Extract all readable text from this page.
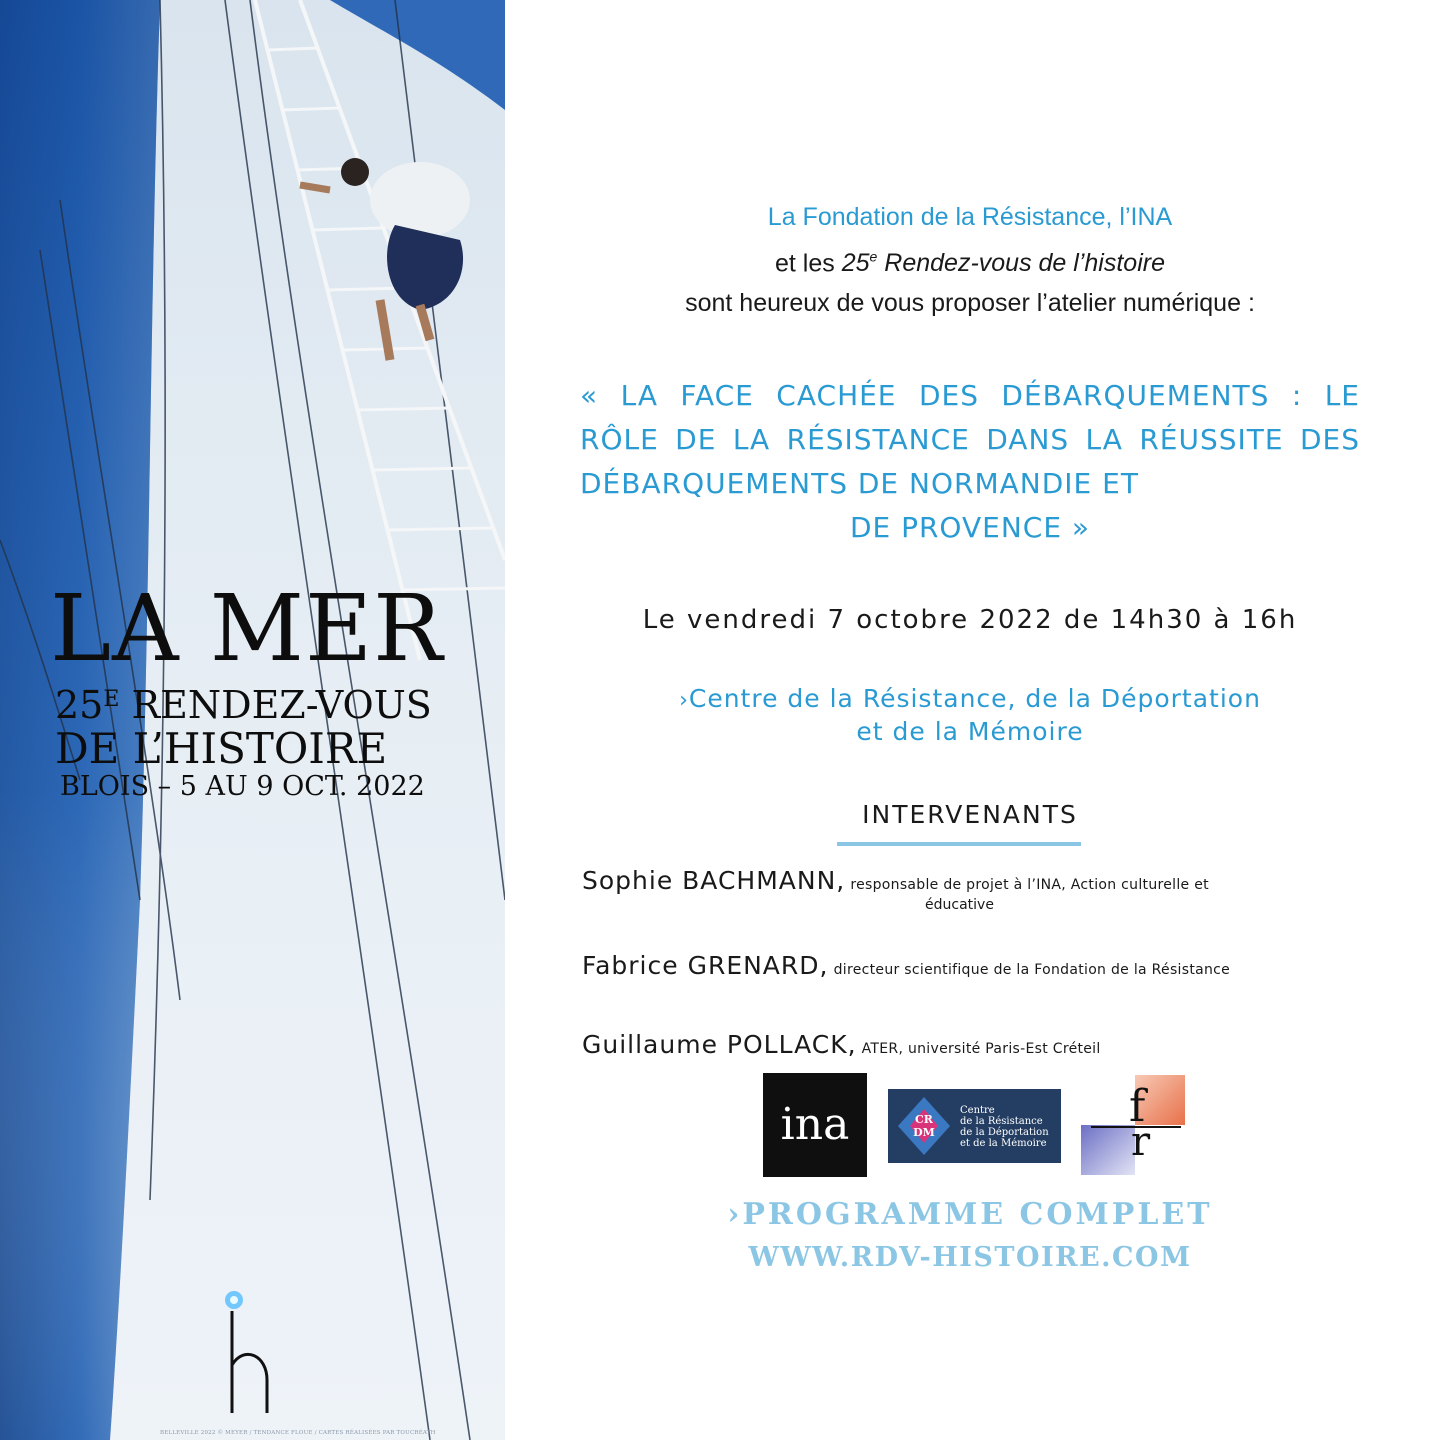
LA MER
$25^E$ RENDEZ-VOUS
DE L’HISTOIRE
BLOIS – 5 AU 9 OCT. 2022
BELLEVILLE 2022 © MEYER / TENDANCE FLOUE / CARTES RÉALISÉES PAR TOUCRÉATH
La Fondation de la Résistance, l’INA
et les 25e Rendez-vous de l’histoire
sont heureux de vous proposer l’atelier numérique :
« LA FACE CACHÉE DES DÉBARQUEMENTS : LE RÔLE DE LA RÉSISTANCE DANS LA RÉUSSITE DES DÉBARQUEMENTS DE NORMANDIE ET
DE PROVENCE »
Le vendredi 7 octobre 2022 de 14h30 à 16h
›Centre de la Résistance, de la Déportation
et de la Mémoire
INTERVENANTS
Sophie BACHMANN, responsable de projet à l’INA, Action culturelle et
éducative
Fabrice GRENARD, directeur scientifique de la Fondation de la Résistance
Guillaume POLLACK, ATER, université Paris-Est Créteil
ina	CR
DM
Centre
de la Résistance
de la Déportation
et de la Mémoire
f
r
›PROGRAMME COMPLET
WWW.RDV-HISTOIRE.COM
